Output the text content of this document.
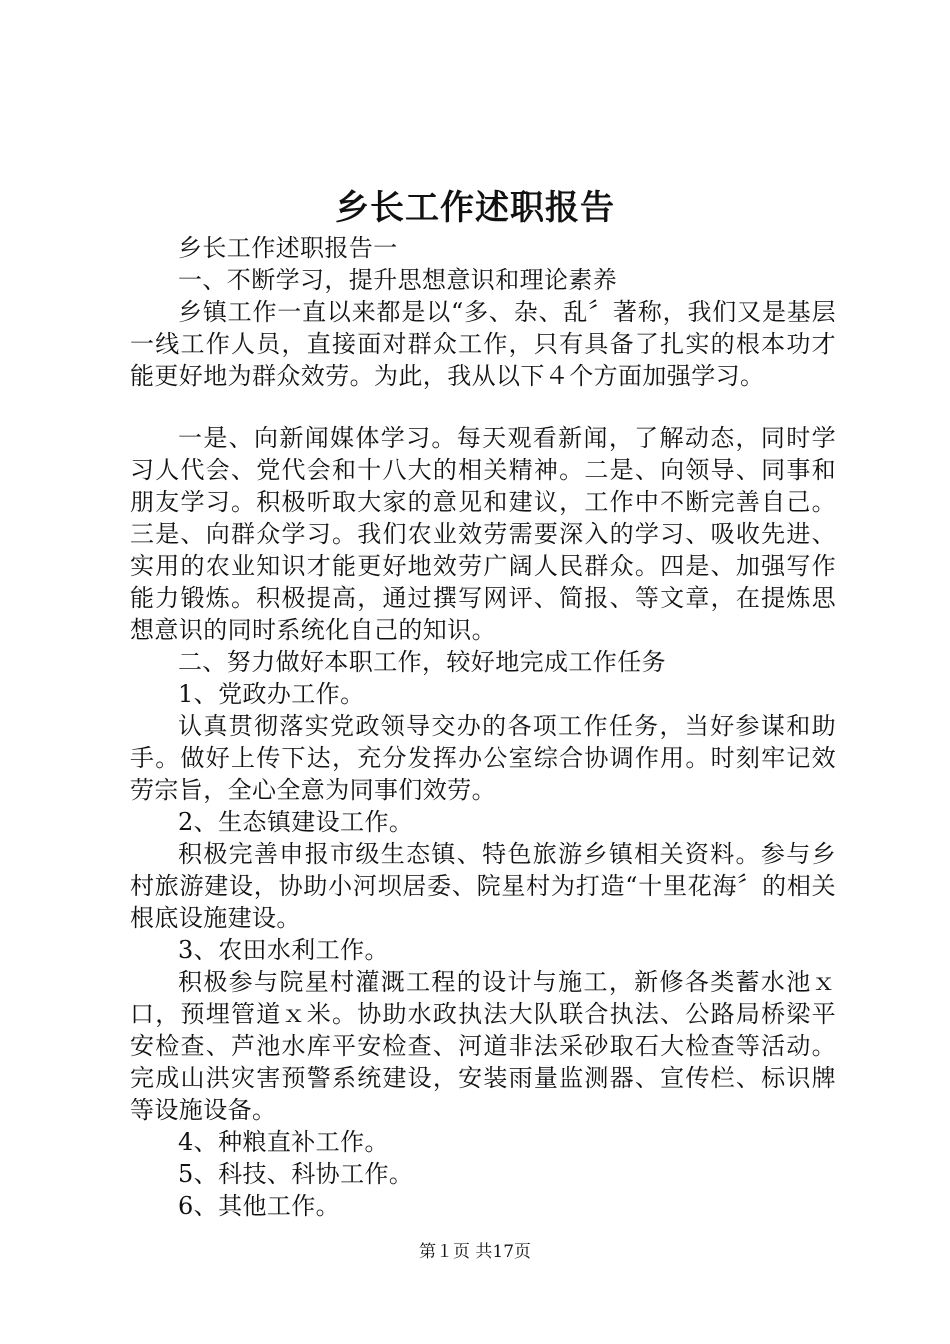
乡长工作述职报告

乡长工作述职报告一

一、不断学习，提升思想意识和理论素养

乡镇工作一直以来都是以“多、杂、乱〞著称，我们又是基层一线工作人员，直接面对群众工作，只有具备了扎实的根本功才能更好地为群众效劳。为此，我从以下４个方面加强学习。

一是、向新闻媒体学习。每天观看新闻，了解动态，同时学习人代会、党代会和十八大的相关精神。二是、向领导、同事和朋友学习。积极听取大家的意见和建议，工作中不断完善自己。三是、向群众学习。我们农业效劳需要深入的学习、吸收先进、实用的农业知识才能更好地效劳广阔人民群众。四是、加强写作能力锻炼。积极提高，通过撰写网评、简报、等文章，在提炼思想意识的同时系统化自己的知识。

二、努力做好本职工作，较好地完成工作任务

1、党政办工作。

认真贯彻落实党政领导交办的各项工作任务，当好参谋和助手。做好上传下达，充分发挥办公室综合协调作用。时刻牢记效劳宗旨，全心全意为同事们效劳。

2、生态镇建设工作。

积极完善申报市级生态镇、特色旅游乡镇相关资料。参与乡村旅游建设，协助小河坝居委、院星村为打造“十里花海〞的相关根底设施建设。

3、农田水利工作。

积极参与院星村灌溉工程的设计与施工，新修各类蓄水池ｘ口，预埋管道ｘ米。协助水政执法大队联合执法、公路局桥梁平安检查、芦池水库平安检查、河道非法采砂取石大检查等活动。完成山洪灾害预警系统建设，安装雨量监测器、宣传栏、标识牌等设施设备。

4、种粮直补工作。

5、科技、科协工作。

6、其他工作。

第１页 共17页
